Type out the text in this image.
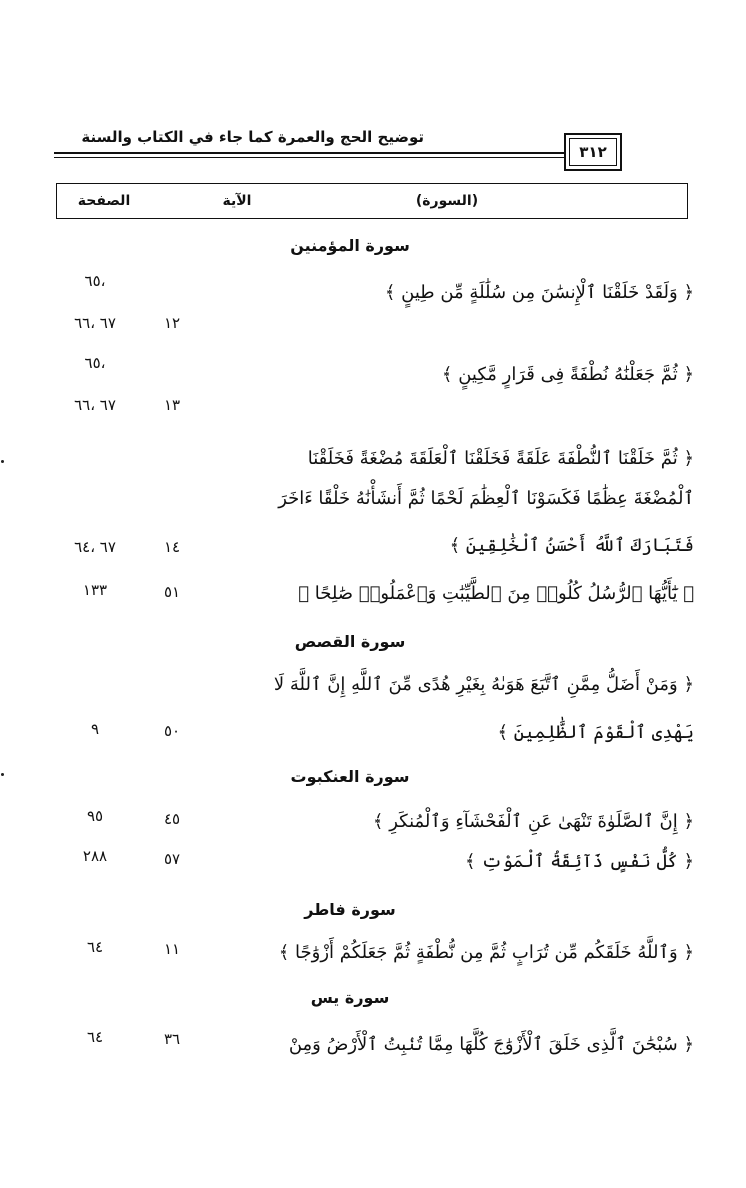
توضيح الحج والعمرة كما جاء في الكتاب والسنة
٣١٢
الصفحة	الآية	(السورة)
سورة المؤمنين
،٦٥
﴿ وَلَقَدْ خَلَقْنَا ٱلْإِنسَٰنَ مِن سُلَٰلَةٍ مِّن طِينٍ ﴾
١٢
٦٧ ،٦٦
،٦٥
﴿ ثُمَّ جَعَلْنَٰهُ نُطْفَةً فِى قَرَارٍ مَّكِينٍ ﴾
١٣
٦٧ ،٦٦
﴿ ثُمَّ خَلَقْنَا ٱلنُّطْفَةَ عَلَقَةً فَخَلَقْنَا ٱلْعَلَقَةَ مُضْغَةً فَخَلَقْنَا
ٱلْمُضْغَةَ عِظَٰمًا فَكَسَوْنَا ٱلْعِظَٰمَ لَحْمًا ثُمَّ أَنشَأْنَٰهُ خَلْقًا ءَاخَرَ
فَتَبَارَكَ ٱللَّهُ أَحْسَنُ ٱلْخَٰلِقِينَ ﴾
١٤
٦٧ ،٦٤
﴿ يَٰٓأَيُّهَا ٱلرُّسُلُ كُلُوا۟ مِنَ ٱلطَّيِّبَٰتِ وَٱعْمَلُوا۟ صَٰلِحًا ﴾
٥١
١٣٣
سورة القصص
﴿ وَمَنْ أَضَلُّ مِمَّنِ ٱتَّبَعَ هَوَىٰهُ بِغَيْرِ هُدًى مِّنَ ٱللَّهِ إِنَّ ٱللَّهَ لَا
يَهْدِى ٱلْقَوْمَ ٱلظَّٰلِمِينَ ﴾
٥٠
٩
سورة العنكبوت
﴿ إِنَّ ٱلصَّلَوٰةَ تَنْهَىٰ عَنِ ٱلْفَحْشَآءِ وَٱلْمُنكَرِ ﴾
٤٥
٩٥
﴿ كُلُّ نَفْسٍ ذَآئِقَةُ ٱلْمَوْتِ ﴾
٥٧
٢٨٨
سورة فاطر
﴿ وَٱللَّهُ خَلَقَكُم مِّن تُرَابٍ ثُمَّ مِن نُّطْفَةٍ ثُمَّ جَعَلَكُمْ أَزْوَٰجًا ﴾
١١
٦٤
سورة يس
﴿ سُبْحَٰنَ ٱلَّذِى خَلَقَ ٱلْأَزْوَٰجَ كُلَّهَا مِمَّا تُنۢبِتُ ٱلْأَرْضُ وَمِنْ
٣٦
٦٤
